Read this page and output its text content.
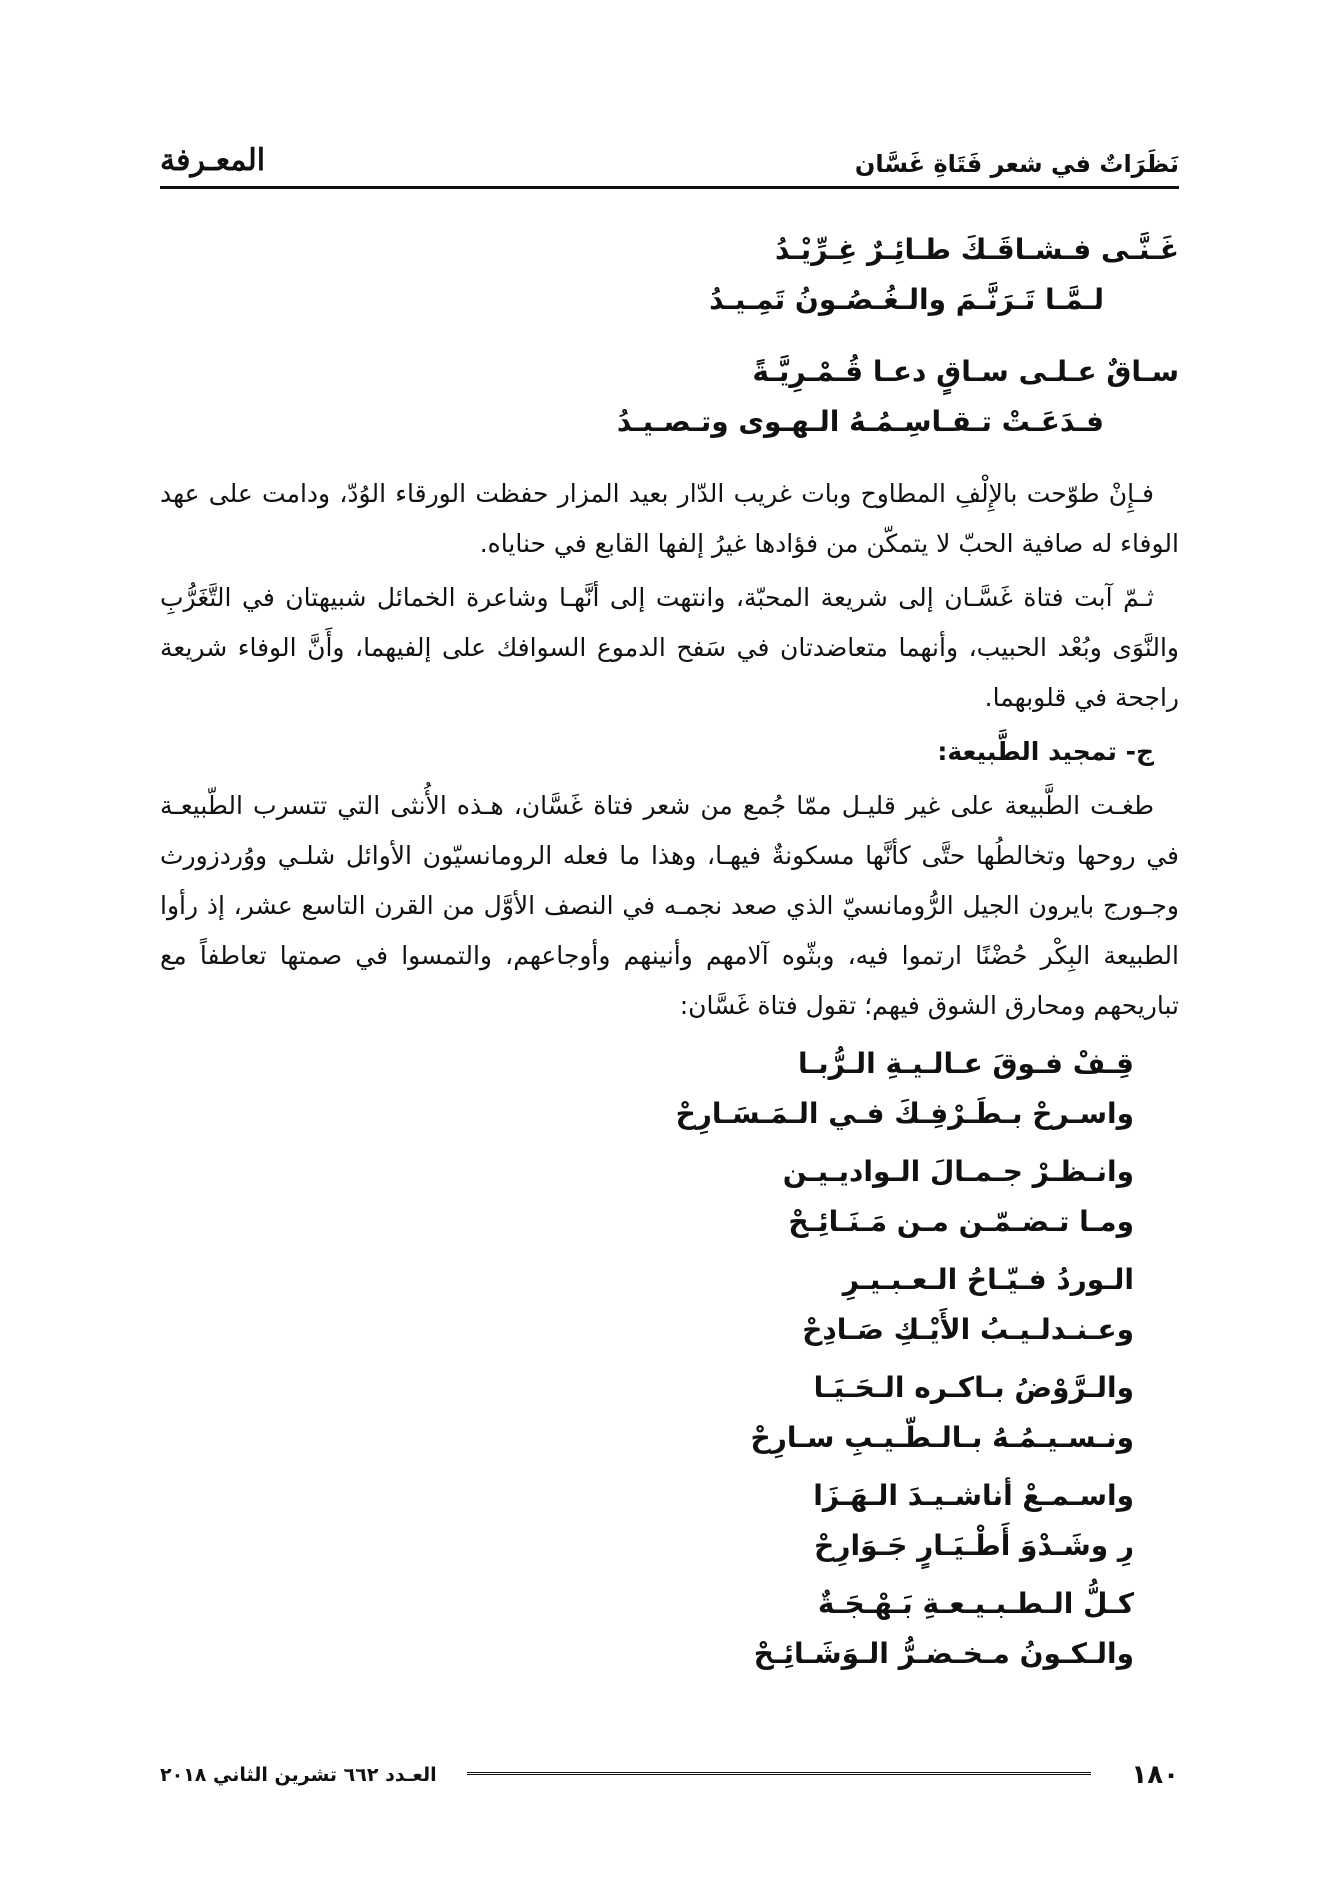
نَظَرَاتٌ في شعر فَتَاةِ غَسَّان
المعـرفة
غَـنَّـى فـشـاقَـكَ طـائِـرٌ غِـرِّيْـدُ
لـمَّـا تَـرَنَّـمَ والـغُـصُـونُ تَمِـيـدُ
سـاقٌ عـلـى سـاقٍ دعـا قُـمْـرِيَّـةً
فـدَعَـتْ تـقـاسِـمُـهُ الـهـوى وتـصـيـدُ

فـإِنْ طوّحت بالإِلْفِ المطاوح وبات غريب الدّار بعيد المزار حفظت الورقاء الوُدّ، ودامت على عهد الوفاء له صافية الحبّ لا يتمكّن من فؤادها غيرُ إلفها القابع في حناياه.

ثـمّ آبت فتاة غَسَّـان إلى شريعة المحبّة، وانتهت إلى أنَّهـا وشاعرة الخمائل شبيهتان في التَّغَرُّبِ والنَّوَى وبُعْد الحبيب، وأنهما متعاضدتان في سَفح الدموع السوافك على إلفيهما، وأَنَّ الوفاء شريعة راجحة في قلوبهما.

ج- تمجيد الطَّبيعة:

طغـت الطَّبيعة على غير قليـل ممّا جُمع من شعر فتاة غَسَّان، هـذه الأُنثى التي تتسرب الطّبيعـة في روحها وتخالطُها حتَّى كأنَّها مسكونةٌ فيهـا، وهذا ما فعله الرومانسيّون الأوائل شلـي ووُردزورث وجـورج بايرون الجيل الرُّومانسيّ الذي صعد نجمـه في النصف الأوَّل من القرن التاسع عشر، إذ رأوا الطبيعة البِكْر حُضْنًا ارتموا فيه، وبثّوه آلامهم وأنينهم وأوجاعهم، والتمسوا في صمتها تعاطفاً مع تباريحهم ومحارق الشوق فيهم؛ تقول فتاة غَسَّان:

قِـفْ فـوقَ عـالـيـةِ الـرُّبـا
واسـرحْ بـطَـرْفِـكَ فـي الـمَـسَـارِحْ
وانـظـرْ جـمـالَ الـواديـيـن
ومـا تـضـمّـن مـن مَـنَـائِـحْ
الـوردُ فـيّـاحُ الـعـبـيـرِ
وعـنـدلـيـبُ الأَيْـكِ صَـادِحْ
والـرَّوْضُ بـاكـره الـحَـيَـا
ونـسـيـمُـهُ بـالـطّـيـبِ سـارِحْ
واسـمـعْ أناشـيـدَ الـهَـزَا
رِ وشَـدْوَ أَطْـيَـارٍ جَـوَارِحْ
كـلُّ الـطـبـيـعـةِ بَـهْـجَـةٌ
والـكـونُ مـخـضـرُّ الـوَشَـائِـحْ
١٨٠
العـدد ٦٦٢ تشرين الثاني ٢٠١٨
